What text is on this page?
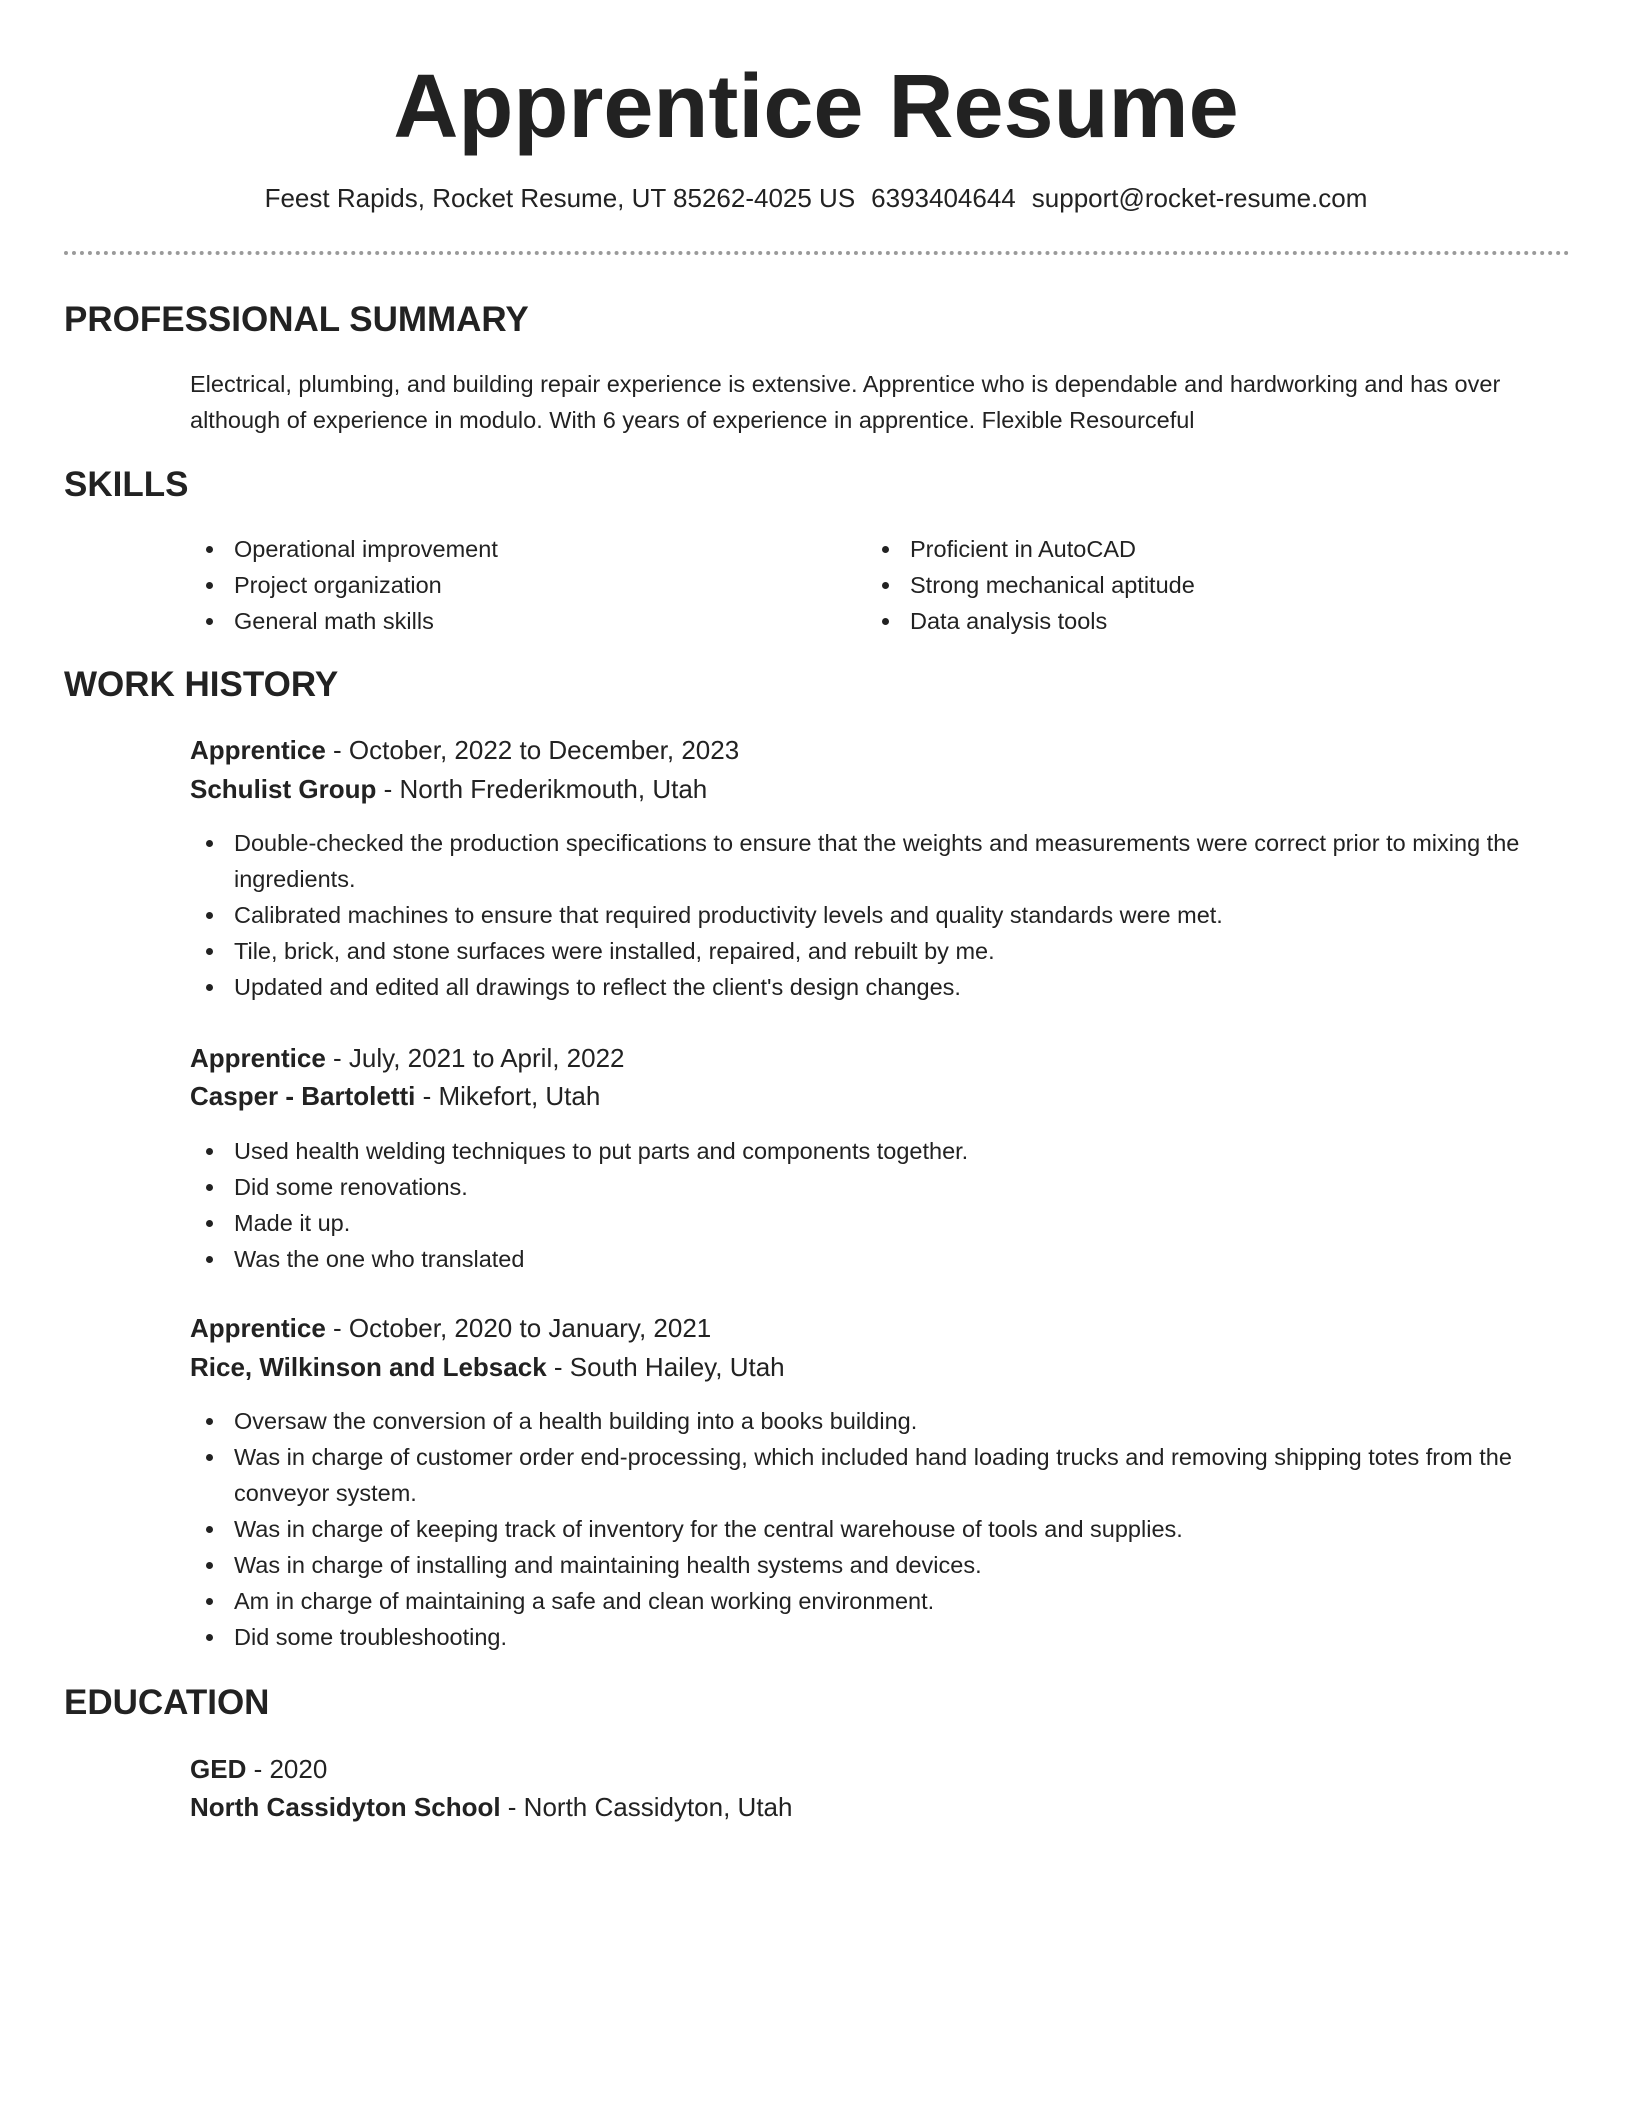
Apprentice Resume
Feest Rapids, Rocket Resume, UT 85262-4025 US 6393404644 support@rocket-resume.com
PROFESSIONAL SUMMARY
Electrical, plumbing, and building repair experience is extensive. Apprentice who is dependable and hardworking and has over although of experience in modulo. With 6 years of experience in apprentice. Flexible Resourceful
SKILLS
Operational improvement
Project organization
General math skills
Proficient in AutoCAD
Strong mechanical aptitude
Data analysis tools
WORK HISTORY
Apprentice - October, 2022 to December, 2023
Schulist Group - North Frederikmouth, Utah
Double-checked the production specifications to ensure that the weights and measurements were correct prior to mixing the ingredients.
Calibrated machines to ensure that required productivity levels and quality standards were met.
Tile, brick, and stone surfaces were installed, repaired, and rebuilt by me.
Updated and edited all drawings to reflect the client's design changes.
Apprentice - July, 2021 to April, 2022
Casper - Bartoletti - Mikefort, Utah
Used health welding techniques to put parts and components together.
Did some renovations.
Made it up.
Was the one who translated
Apprentice - October, 2020 to January, 2021
Rice, Wilkinson and Lebsack - South Hailey, Utah
Oversaw the conversion of a health building into a books building.
Was in charge of customer order end-processing, which included hand loading trucks and removing shipping totes from the conveyor system.
Was in charge of keeping track of inventory for the central warehouse of tools and supplies.
Was in charge of installing and maintaining health systems and devices.
Am in charge of maintaining a safe and clean working environment.
Did some troubleshooting.
EDUCATION
GED - 2020
North Cassidyton School - North Cassidyton, Utah
